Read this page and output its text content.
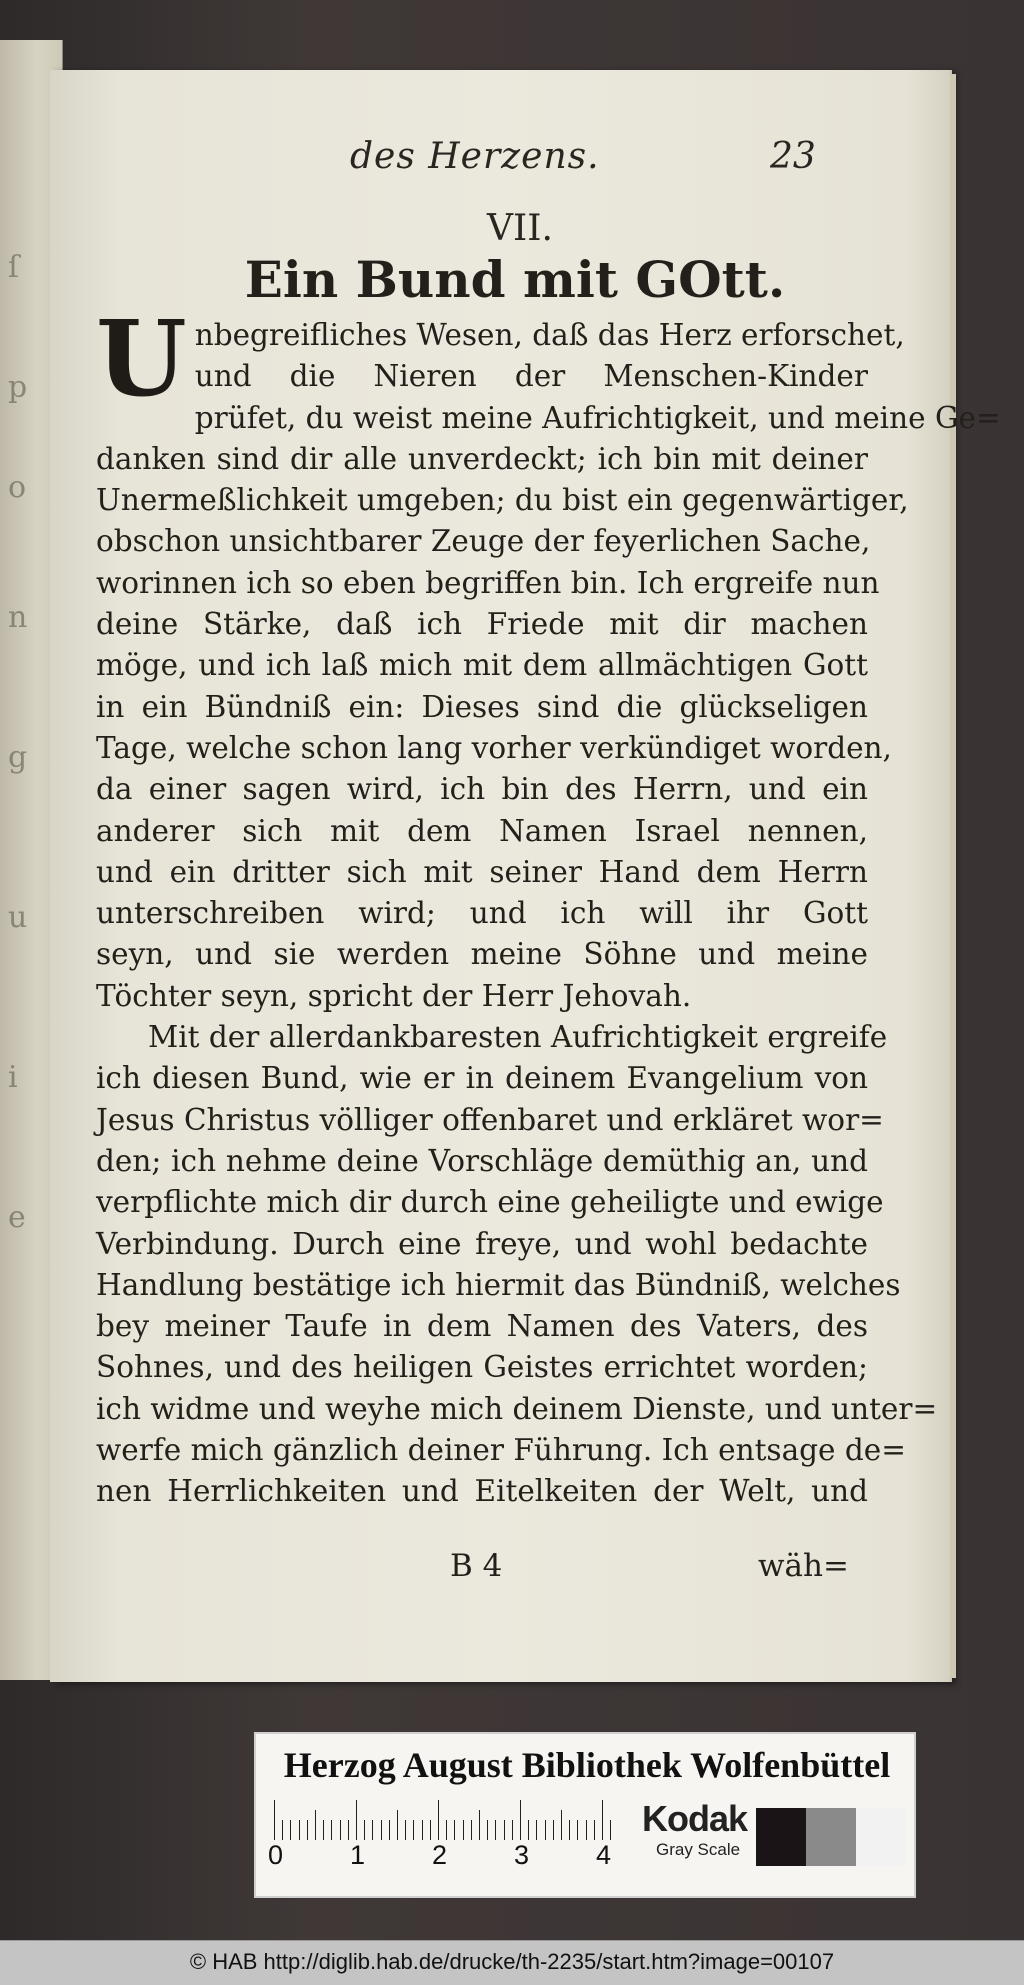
ſ
p
o
n
g
u
i
e
des Herzens.	23
VII.
Ein Bund mit GOtt.
U nbegreifliches Wesen, daß das Herz erforschet,
und die Nieren der Menschen-Kinder
prüfet, du weist meine Aufrichtigkeit, und meine Ge=
danken sind dir alle unverdeckt; ich bin mit deiner
Unermeßlichkeit umgeben; du bist ein gegenwärtiger,
obschon unsichtbarer Zeuge der feyerlichen Sache,
worinnen ich so eben begriffen bin. Ich ergreife nun
deine Stärke, daß ich Friede mit dir machen
möge, und ich laß mich mit dem allmächtigen Gott
in ein Bündniß ein: Dieses sind die glückseligen
Tage, welche schon lang vorher verkündiget worden,
da einer sagen wird, ich bin des Herrn, und ein
anderer sich mit dem Namen Israel nennen,
und ein dritter sich mit seiner Hand dem Herrn
unterschreiben wird; und ich will ihr Gott
seyn, und sie werden meine Söhne und meine
Töchter seyn, spricht der Herr Jehovah.
Mit der allerdankbaresten Aufrichtigkeit ergreife
ich diesen Bund, wie er in deinem Evangelium von
Jesus Christus völliger offenbaret und erkläret wor=
den; ich nehme deine Vorschläge demüthig an, und
verpflichte mich dir durch eine geheiligte und ewige
Verbindung. Durch eine freye, und wohl bedachte
Handlung bestätige ich hiermit das Bündniß, welches
bey meiner Taufe in dem Namen des Vaters, des
Sohnes, und des heiligen Geistes errichtet worden;
ich widme und weyhe mich deinem Dienste, und unter=
werfe mich gänzlich deiner Führung. Ich entsage de=
nen Herrlichkeiten und Eitelkeiten der Welt, und
B 4	wäh=
Herzog August Bibliothek Wolfenbüttel
0 1 2 3 4
Kodak
Gray Scale
© HAB http://diglib.hab.de/drucke/th-2235/start.htm?image=00107
